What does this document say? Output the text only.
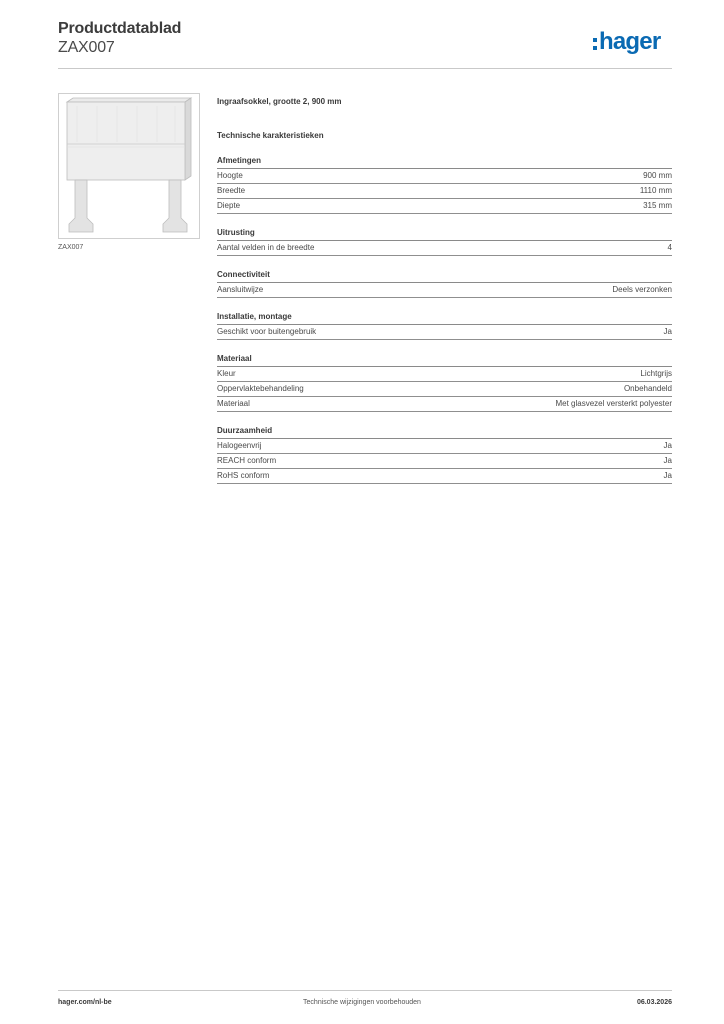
Productdatablad
ZAX007	hager
ZAX007
Ingraafsokkel, grootte 2, 900 mm
Technische karakteristieken
Afmetingen
Hoogte	900 mm
Breedte	1110 mm
Diepte	315 mm
Uitrusting
Aantal velden in de breedte	4
Connectiviteit
Aansluitwijze	Deels verzonken
Installatie, montage
Geschikt voor buitengebruik	Ja
Materiaal
Kleur	Lichtgrijs
Oppervlaktebehandeling	Onbehandeld
Materiaal	Met glasvezel versterkt polyester
Duurzaamheid
Halogeenvrij	Ja
REACH conform	Ja
RoHS conform	Ja
hager.com/nl-be	Technische wijzigingen voorbehouden	06.03.2026
